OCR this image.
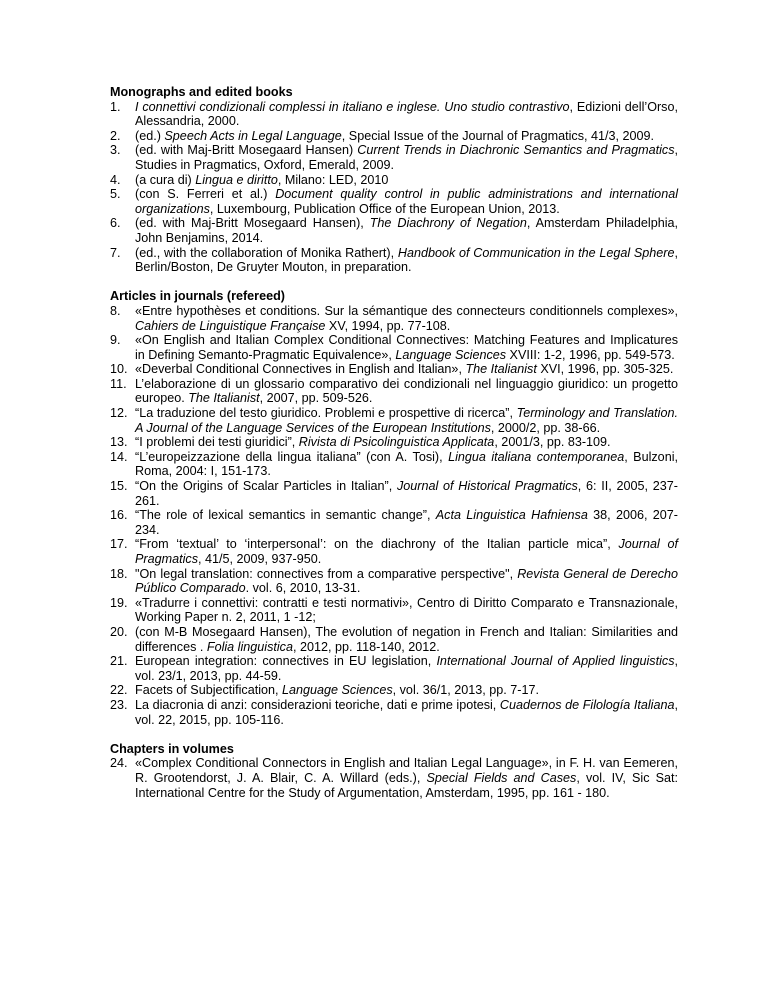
Monographs and edited books
1. I connettivi condizionali complessi in italiano e inglese. Uno studio contrastivo, Edizioni dell’Orso, Alessandria, 2000.
2. (ed.) Speech Acts in Legal Language, Special Issue of the Journal of Pragmatics, 41/3, 2009.
3. (ed. with Maj-Britt Mosegaard Hansen) Current Trends in Diachronic Semantics and Pragmatics, Studies in Pragmatics, Oxford, Emerald, 2009.
4. (a cura di) Lingua e diritto, Milano: LED, 2010
5. (con S. Ferreri et al.) Document quality control in public administrations and international organizations, Luxembourg, Publication Office of the European Union, 2013.
6. (ed. with Maj-Britt Mosegaard Hansen), The Diachrony of Negation, Amsterdam Philadelphia, John Benjamins, 2014.
7. (ed., with the collaboration of Monika Rathert), Handbook of Communication in the Legal Sphere, Berlin/Boston, De Gruyter Mouton, in preparation.
Articles in journals (refereed)
8. «Entre hypothèses et conditions. Sur la sémantique des connecteurs conditionnels complexes», Cahiers de Linguistique Française XV, 1994, pp. 77-108.
9. «On English and Italian Complex Conditional Connectives: Matching Features and Implicatures in Defining Semanto-Pragmatic Equivalence», Language Sciences XVIII: 1-2, 1996, pp. 549-573.
10. «Deverbal Conditional Connectives in English and Italian», The Italianist XVI, 1996, pp. 305-325.
11. L’elaborazione di un glossario comparativo dei condizionali nel linguaggio giuridico: un progetto europeo. The Italianist, 2007, pp. 509-526.
12. “La traduzione del testo giuridico. Problemi e prospettive di ricerca”, Terminology and Translation. A Journal of the Language Services of the European Institutions, 2000/2, pp. 38-66.
13. “I problemi dei testi giuridici”, Rivista di Psicolinguistica Applicata, 2001/3, pp. 83-109.
14. “L’europeizzazione della lingua italiana” (con A. Tosi), Lingua italiana contemporanea, Bulzoni, Roma, 2004: I, 151-173.
15. “On the Origins of Scalar Particles in Italian”, Journal of Historical Pragmatics, 6: II, 2005, 237-261.
16. “The role of lexical semantics in semantic change”, Acta Linguistica Hafniensa 38, 2006, 207-234.
17. “From ‘textual’ to ‘interpersonal’: on the diachrony of the Italian particle mica”, Journal of Pragmatics, 41/5, 2009, 937-950.
18. "On legal translation: connectives from a comparative perspective", Revista General de Derecho Público Comparado. vol. 6, 2010, 13-31.
19. «Tradurre i connettivi: contratti e testi normativi», Centro di Diritto Comparato e Transnazionale, Working Paper n. 2, 2011, 1 -12;
20. (con M-B Mosegaard Hansen), The evolution of negation in French and Italian: Similarities and differences . Folia linguistica, 2012, pp. 118-140, 2012.
21. European integration: connectives in EU legislation, International Journal of Applied linguistics, vol. 23/1, 2013, pp. 44-59.
22. Facets of Subjectification, Language Sciences, vol. 36/1, 2013, pp. 7-17.
23. La diacronia di anzi: considerazioni teoriche, dati e prime ipotesi, Cuadernos de Filología Italiana, vol. 22, 2015, pp. 105-116.
Chapters in volumes
24. «Complex Conditional Connectors in English and Italian Legal Language», in F. H. van Eemeren, R. Grootendorst, J. A. Blair, C. A. Willard (eds.), Special Fields and Cases, vol. IV, Sic Sat: International Centre for the Study of Argumentation, Amsterdam, 1995, pp. 161 - 180.
